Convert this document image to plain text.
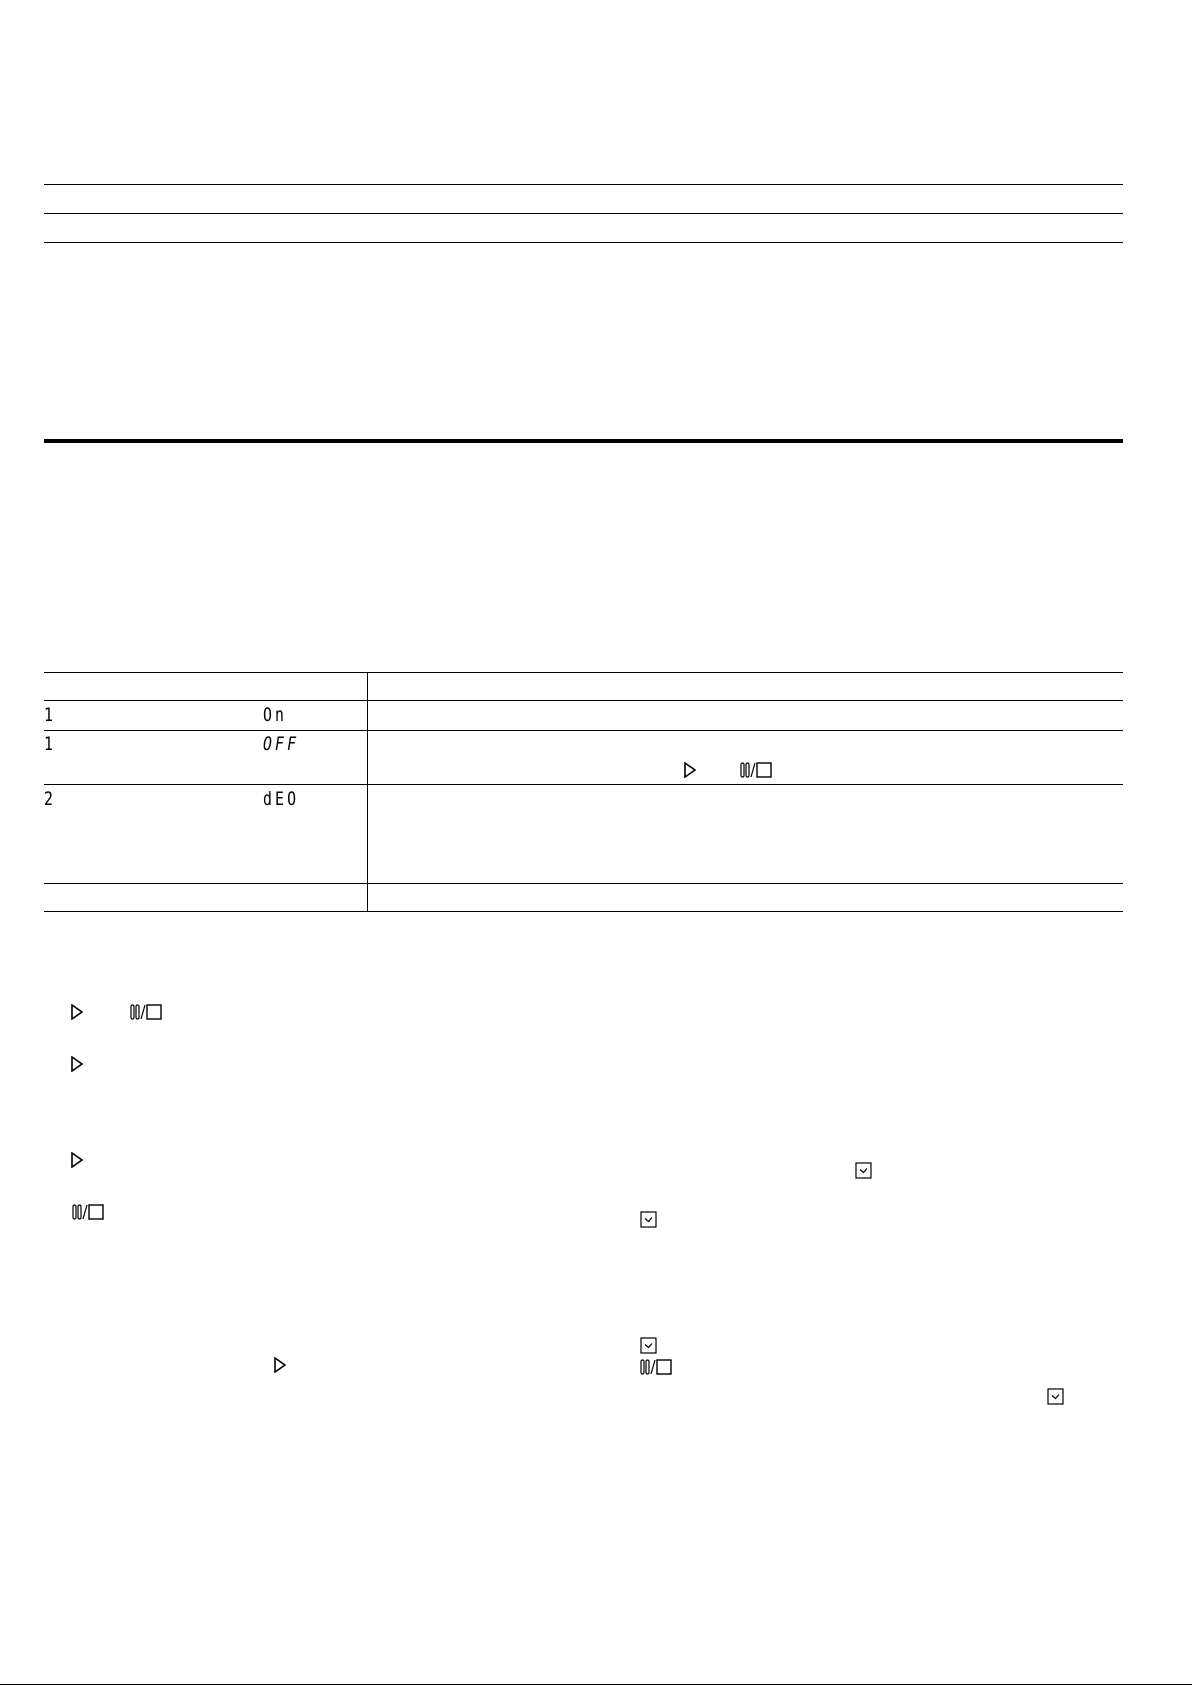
1	On
1	OFF
2	dEO
